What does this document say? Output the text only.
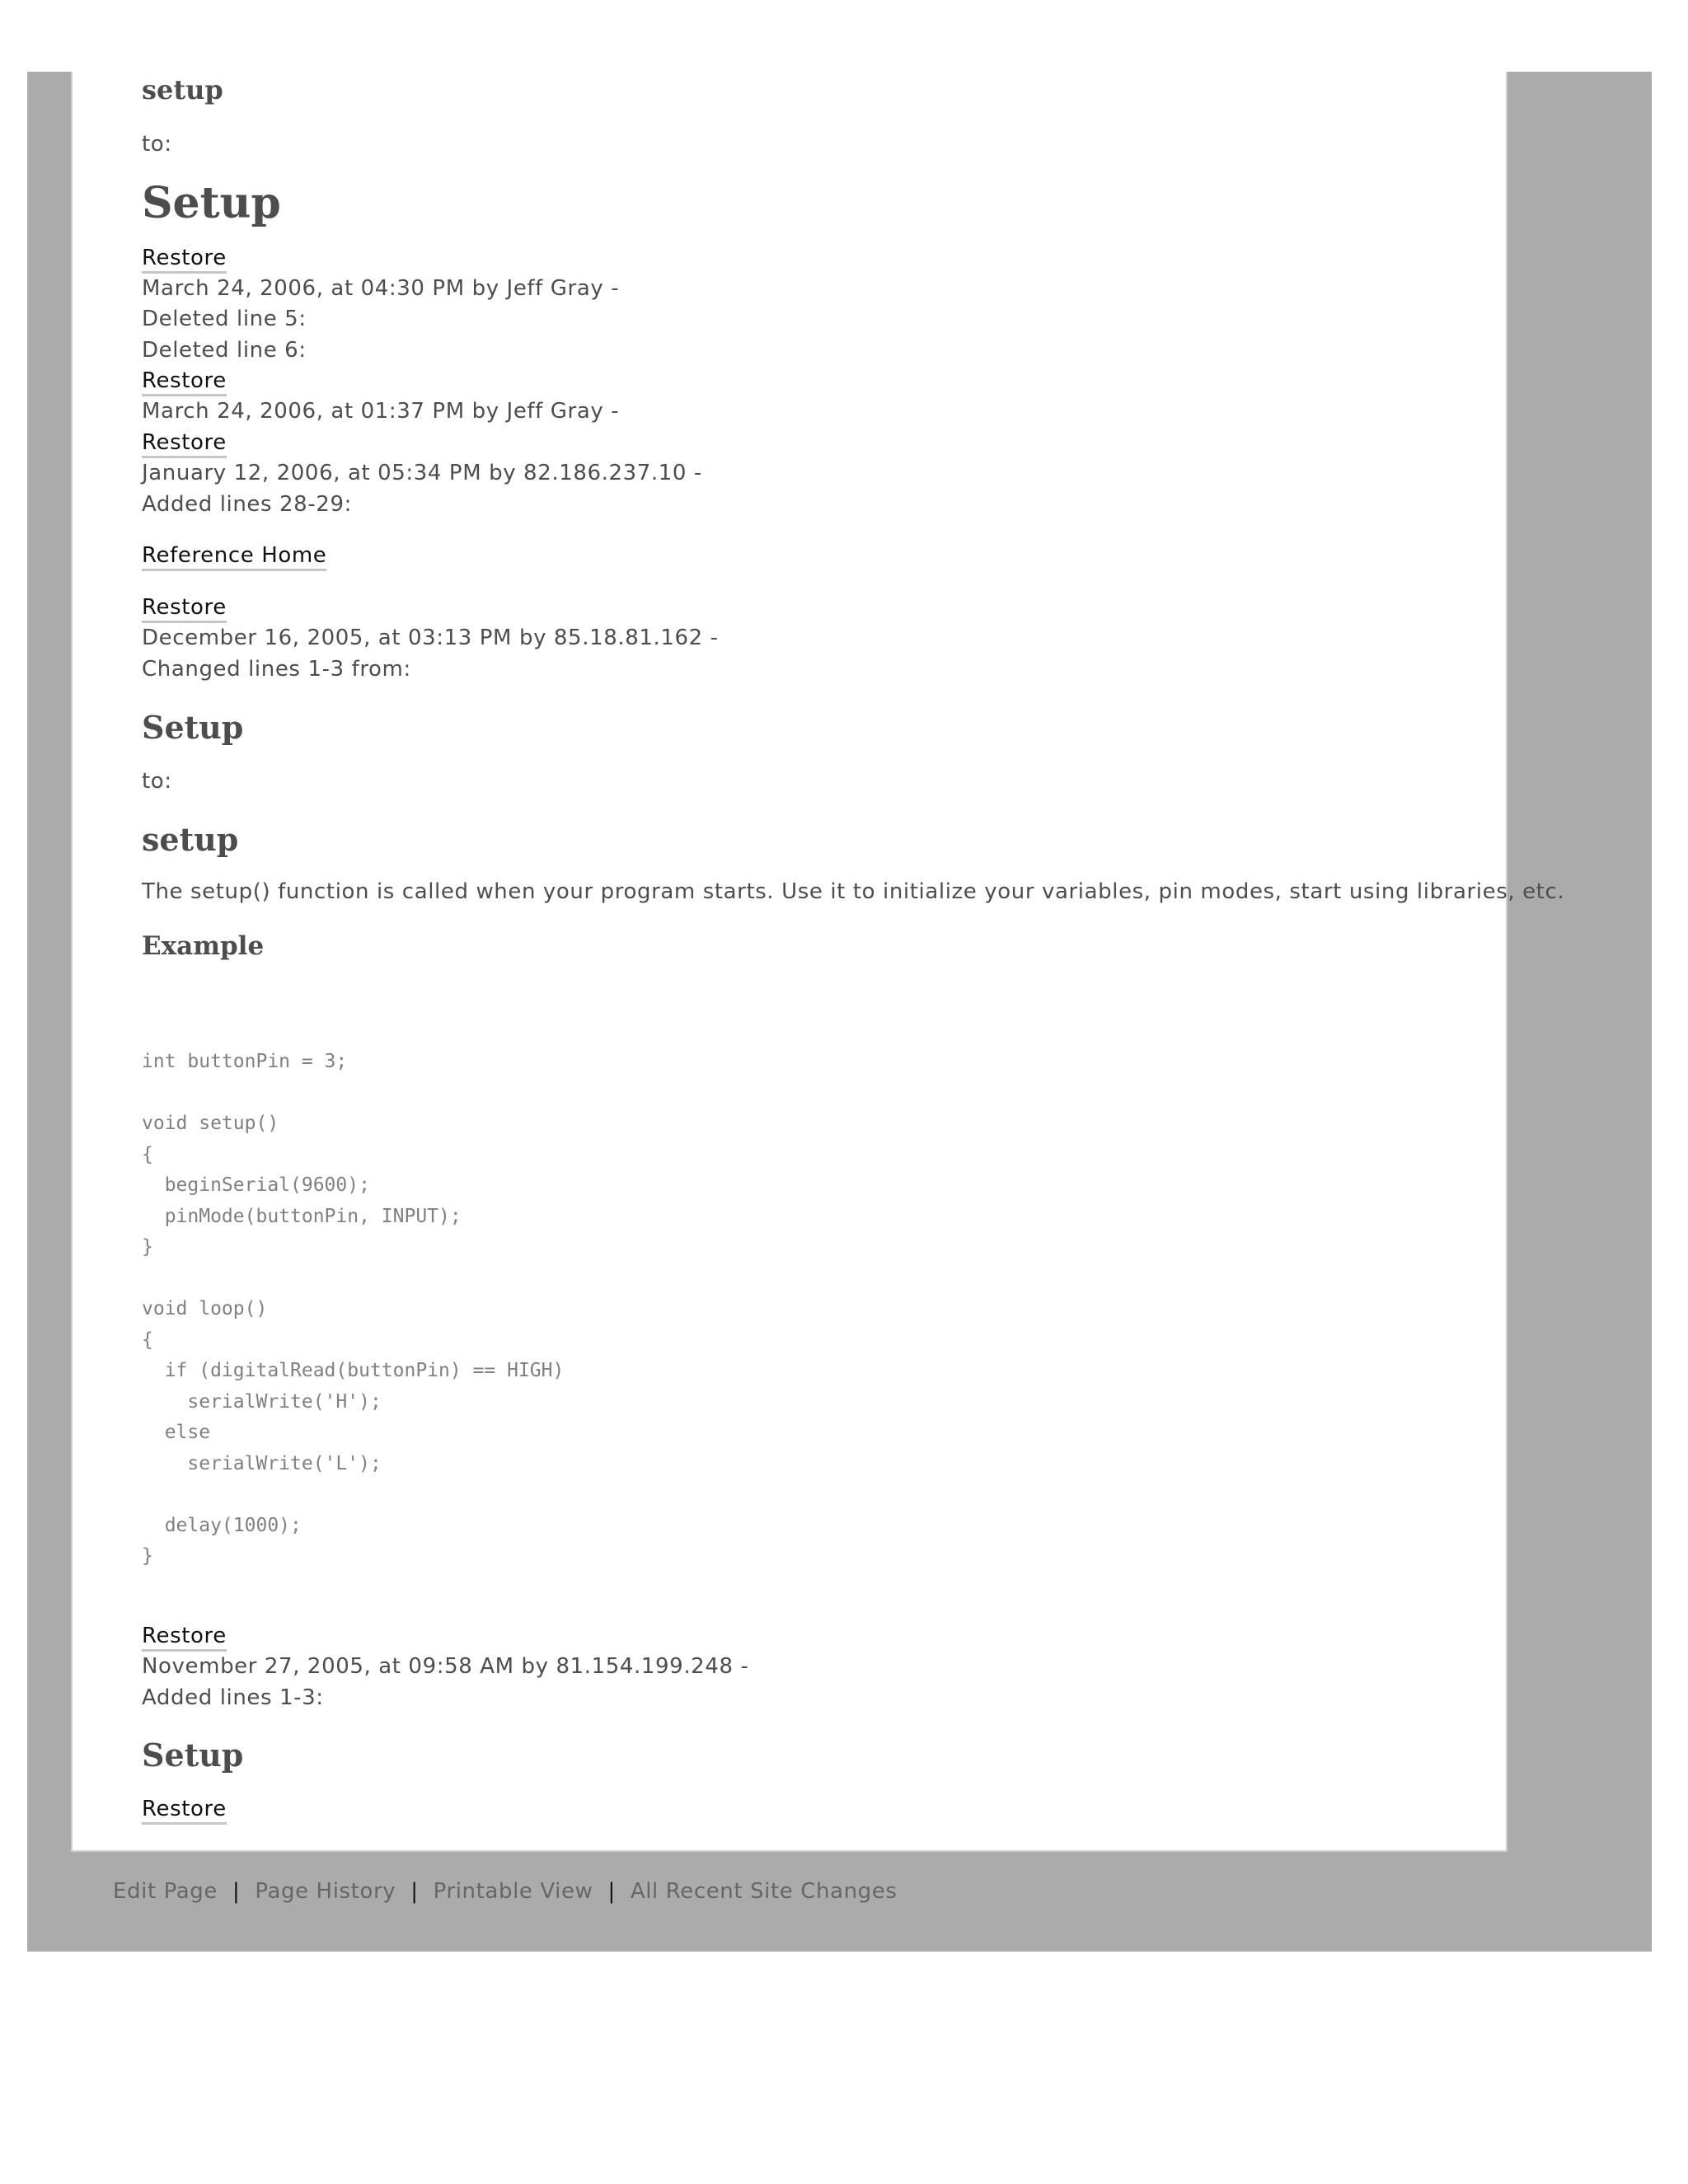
setup
to:
Setup
Restore
March 24, 2006, at 04:30 PM by Jeff Gray -
Deleted line 5:
Deleted line 6:
Restore
March 24, 2006, at 01:37 PM by Jeff Gray -
Restore
January 12, 2006, at 05:34 PM by 82.186.237.10 -
Added lines 28-29:
Reference Home
Restore
December 16, 2005, at 03:13 PM by 85.18.81.162 -
Changed lines 1-3 from:
Setup
to:
setup
The setup() function is called when your program starts. Use it to initialize your variables, pin modes, start using libraries, etc.
Example
int buttonPin = 3;

void setup()
{
beginSerial(9600);
pinMode(buttonPin, INPUT);
}

void loop()
{
if (digitalRead(buttonPin) == HIGH)
serialWrite('H');
else
serialWrite('L');

delay(1000);
}
Restore
November 27, 2005, at 09:58 AM by 81.154.199.248 -
Added lines 1-3:
Setup
Restore
Edit Page | Page History | Printable View | All Recent Site Changes
